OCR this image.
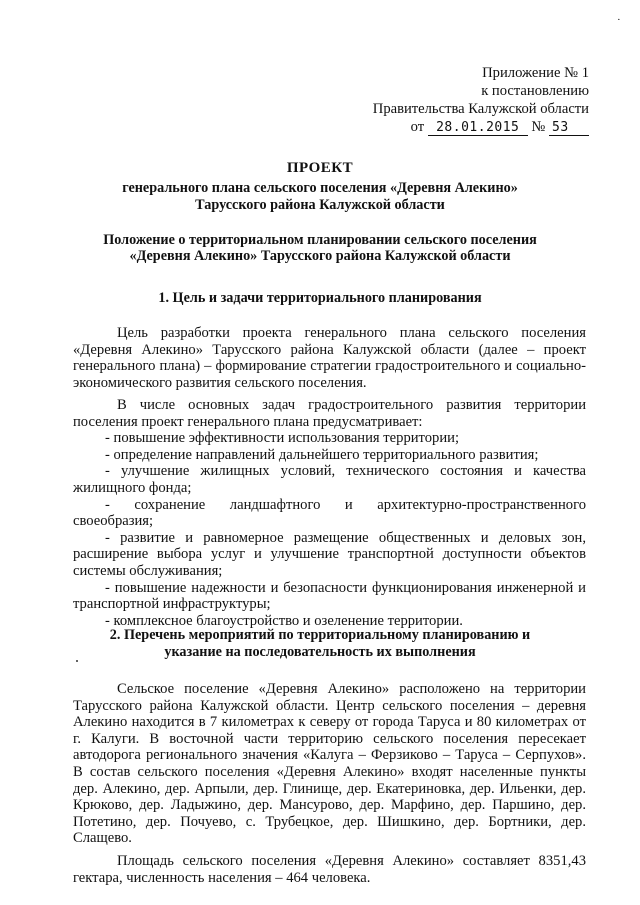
·
Приложение № 1
к постановлению
Правительства Калужской области
от 28.01.2015 № 53
ПРОЕКТ
генерального плана сельского поселения «Деревня Алекино»
Тарусского района Калужской области
Положение о территориальном планировании сельского поселения
«Деревня Алекино» Тарусского района Калужской области
1. Цель и задачи территориального планирования

Цель разработки проекта генерального плана сельского поселения «Деревня Алекино» Тарусского района Калужской области (далее – проект генерального плана) – формирование стратегии градостроительного и социально-экономического развития сельского поселения.

В числе основных задач градостроительного развития территории поселения проект генерального плана предусматривает:

- повышение эффективности использования территории;

- определение направлений дальнейшего территориального развития;

- улучшение жилищных условий, технического состояния и качества жилищного фонда;

- сохранение ландшафтного и архитектурно-пространственного своеобразия;

- развитие и равномерное размещение общественных и деловых зон, расширение выбора услуг и улучшение транспортной доступности объектов системы обслуживания;

- повышение надежности и безопасности функционирования инженерной и транспортной инфраструктуры;

- комплексное благоустройство и озеленение территории.

2. Перечень мероприятий по территориальному планированию и
указание на последовательность их выполнения

Сельское поселение «Деревня Алекино» расположено на территории Тарусского района Калужской области. Центр сельского поселения – деревня Алекино находится в 7 километрах к северу от города Таруса и 80 километрах от г. Калуги. В восточной части территорию сельского поселения пересекает автодорога регионального значения «Калуга – Ферзиково – Таруса – Серпухов». В состав сельского поселения «Деревня Алекино» входят населенные пункты дер. Алекино, дер. Арпыли, дер. Глинище, дер. Екатериновка, дер. Ильенки, дер. Крюково, дер. Ладыжино, дер. Мансурово, дер. Марфино, дер. Паршино, дер. Потетино, дер. Почуево, с. Трубецкое, дер. Шишкино, дер. Бортники, дер. Слащево.

Площадь сельского поселения «Деревня Алекино» составляет 8351,43 гектара, численность населения – 464 человека.
